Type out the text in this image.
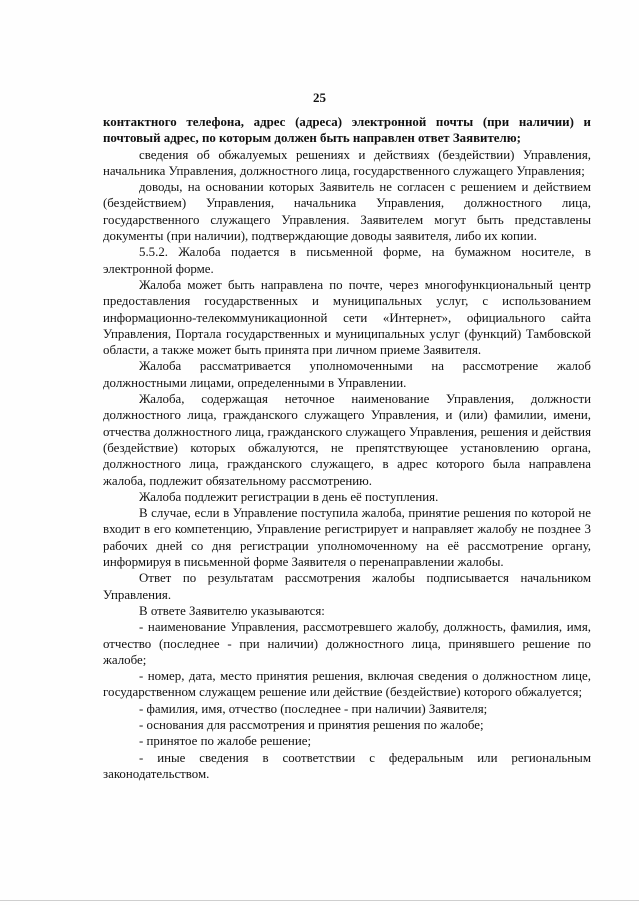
25

контактного телефона, адрес (адреса) электронной почты (при наличии) и почтовый адрес, по которым должен быть направлен ответ Заявителю;

сведения об обжалуемых решениях и действиях (бездействии) Управления, начальника Управления, должностного лица, государственного служащего Управления;

доводы, на основании которых Заявитель не согласен с решением и действием (бездействием) Управления, начальника Управления, должностного лица, государственного служащего Управления. Заявителем могут быть представлены документы (при наличии), подтверждающие доводы заявителя, либо их копии.

5.5.2. Жалоба подается в письменной форме, на бумажном носителе, в электронной форме.

Жалоба может быть направлена по почте, через многофункциональный центр предоставления государственных и муниципальных услуг, с использованием информационно-телекоммуникационной сети «Интернет», официального сайта Управления, Портала государственных и муниципальных услуг (функций) Тамбовской области, а также может быть принята при личном приеме Заявителя.

Жалоба рассматривается уполномоченными на рассмотрение жалоб должностными лицами, определенными в Управлении.

Жалоба, содержащая неточное наименование Управления, должности должностного лица, гражданского служащего Управления, и (или) фамилии, имени, отчества должностного лица, гражданского служащего Управления, решения и действия (бездействие) которых обжалуются, не препятствующее установлению органа, должностного лица, гражданского служащего, в адрес которого была направлена жалоба, подлежит обязательному рассмотрению.

Жалоба подлежит регистрации в день её поступления.

В случае, если в Управление поступила жалоба, принятие решения по которой не входит в его компетенцию, Управление регистрирует и направляет жалобу не позднее 3 рабочих дней со дня регистрации уполномоченному на её рассмотрение органу, информируя в письменной форме Заявителя о перенаправлении жалобы.

Ответ по результатам рассмотрения жалобы подписывается начальником Управления.

В ответе Заявителю указываются:

- наименование Управления, рассмотревшего жалобу, должность, фамилия, имя, отчество (последнее - при наличии) должностного лица, принявшего решение по жалобе;

- номер, дата, место принятия решения, включая сведения о должностном лице, государственном служащем решение или действие (бездействие) которого обжалуется;

- фамилия, имя, отчество (последнее - при наличии) Заявителя;

- основания для рассмотрения и принятия решения по жалобе;

- принятое по жалобе решение;

- иные сведения в соответствии с федеральным или региональным законодательством.
